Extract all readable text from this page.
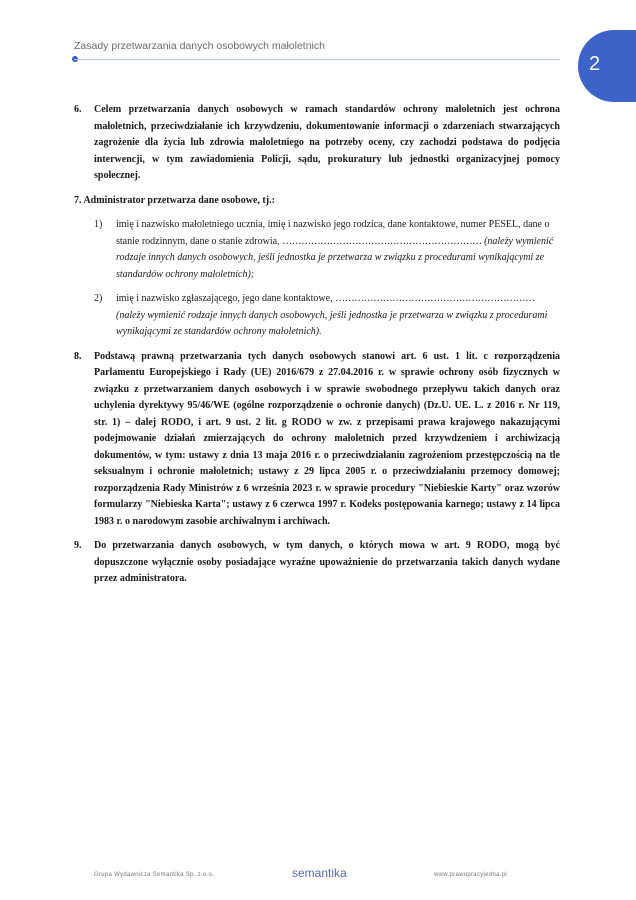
Zasady przetwarzania danych osobowych małoletnich
2
6.	Celem przetwarzania danych osobowych w ramach standardów ochrony małoletnich jest ochrona małoletnich, przeciwdziałanie ich krzywdzeniu, dokumentowanie informacji o zdarzeniach stwarzających zagrożenie dla życia lub zdrowia małoletniego na potrzeby oceny, czy zachodzi podstawa do podjęcia interwencji, w tym zawiadomienia Policji, sądu, prokuratury lub jednostki organizacyjnej pomocy społecznej.
7. Administrator przetwarza dane osobowe, tj.:
1)	imię i nazwisko małoletniego ucznia, imię i nazwisko jego rodzica, dane kontaktowe, numer PESEL, dane o stanie rodzinnym, dane o stanie zdrowia, ……………………………………………………… (należy wymienić rodzaje innych danych osobowych, jeśli jednostka je przetwarza w związku z procedurami wynikającymi ze standardów ochrony małoletnich);
2)	imię i nazwisko zgłaszającego, jego dane kontaktowe, ……………………………………………………… (należy wymienić rodzaje innych danych osobowych, jeśli jednostka je przetwarza w związku z procedurami wynikającymi ze standardów ochrony małoletnich).
8.	Podstawą prawną przetwarzania tych danych osobowych stanowi art. 6 ust. 1 lit. c rozporządzenia Parlamentu Europejskiego i Rady (UE) 2016/679 z 27.04.2016 r. w sprawie ochrony osób fizycznych w związku z przetwarzaniem danych osobowych i w sprawie swobodnego przepływu takich danych oraz uchylenia dyrektywy 95/46/WE (ogólne rozporządzenie o ochronie danych) (Dz.U. UE. L. z 2016 r. Nr 119, str. 1) – dalej RODO, i art. 9 ust. 2 lit. g RODO w zw. z przepisami prawa krajowego nakazującymi podejmowanie działań zmierzających do ochrony małoletnich przed krzywdzeniem i archiwizacją dokumentów, w tym: ustawy z dnia 13 maja 2016 r. o przeciwdziałaniu zagrożeniom przestępczością na tle seksualnym i ochronie małoletnich; ustawy z 29 lipca 2005 r. o przeciwdziałaniu przemocy domowej; rozporządzenia Rady Ministrów z 6 września 2023 r. w sprawie procedury "Niebieskie Karty" oraz wzorów formularzy "Niebieska Karta"; ustawy z 6 czerwca 1997 r. Kodeks postępowania karnego; ustawy z 14 lipca 1983 r. o narodowym zasobie archiwalnym i archiwach.
9.	Do przetwarzania danych osobowych, w tym danych, o których mowa w art. 9 RODO, mogą być dopuszczone wyłącznie osoby posiadające wyraźne upoważnienie do przetwarzania takich danych wydane przez administratora.
Grupa Wydawnicza Semantika Sp. z o.o.	semantika	www.prawopracyjedna.pl
